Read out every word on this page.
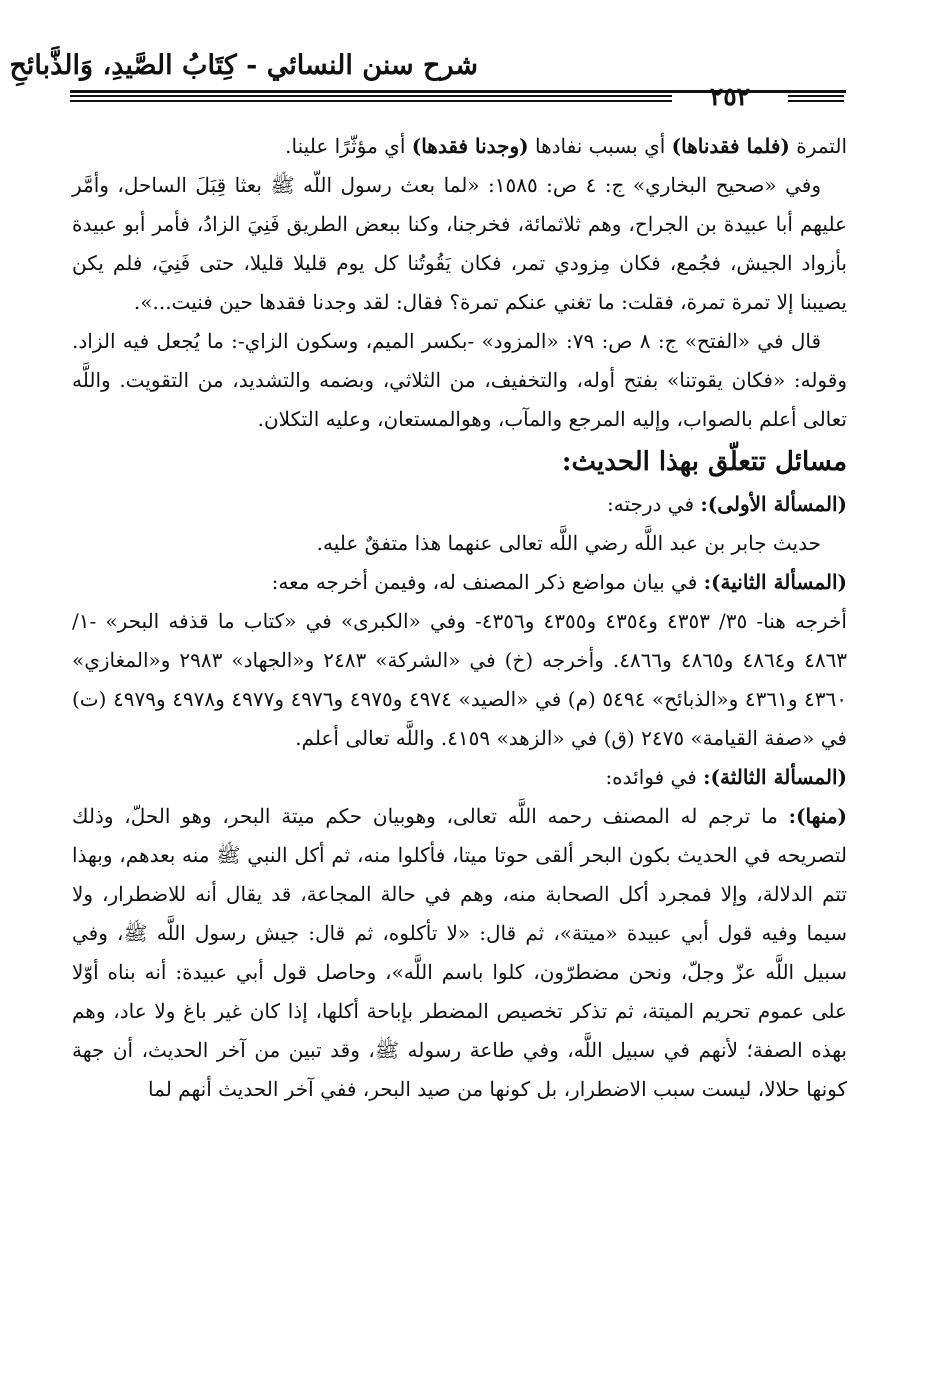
شرح سنن النسائي - كِتَابُ الصَّيدِ، وَالذَّبائحِ
٢٥٢

التمرة (فلما فقدناها) أي بسبب نفادها (وجدنا فقدها) أي مؤثّرًا علينا.

وفي «صحيح البخاري» ج: ٤ ص: ١٥٨٥: «لما بعث رسول اللّه ﷺ بعثا قِبَلَ الساحل، وأمَّر عليهم أبا عبيدة بن الجراح، وهم ثلاثمائة، فخرجنا، وكنا ببعض الطريق فَنِيَ الزادُ، فأمر أبو عبيدة بأزواد الجيش، فجُمع، فكان مِزودي تمر، فكان يَقُوتُنا كل يوم قليلا قليلا، حتى فَنِيَ، فلم يكن يصيبنا إلا تمرة تمرة، فقلت: ما تغني عنكم تمرة؟ فقال: لقد وجدنا فقدها حين فنيت...».

قال في «الفتح» ج: ٨ ص: ٧٩: «المزود» -بكسر الميم، وسكون الزاي-: ما يُجعل فيه الزاد. وقوله: «فكان يقوتنا» بفتح أوله، والتخفيف، من الثلاثي، وبضمه والتشديد، من التقويت. واللَّه تعالى أعلم بالصواب، وإليه المرجع والمآب، وهوالمستعان، وعليه التكلان.

مسائل تتعلّق بهذا الحديث:

(المسألة الأولى): في درجته:

حديث جابر بن عبد اللَّه رضي اللَّه تعالى عنهما هذا متفقٌ عليه.

(المسألة الثانية): في بيان مواضع ذكر المصنف له، وفيمن أخرجه معه:

أخرجه هنا- ٣٥/ ٤٣٥٣ و٤٣٥٤ و٤٣٥٥ و٤٣٥٦- وفي «الكبرى» في «كتاب ما قذفه البحر» -١/ ٤٨٦٣ و٤٨٦٤ و٤٨٦٥ و٤٨٦٦. وأخرجه (خ) في «الشركة» ٢٤٨٣ و«الجهاد» ٢٩٨٣ و«المغازي» ٤٣٦٠ و٤٣٦١ و«الذبائح» ٥٤٩٤ (م) في «الصيد» ٤٩٧٤ و٤٩٧٥ و٤٩٧٦ و٤٩٧٧ و٤٩٧٨ و٤٩٧٩ (ت) في «صفة القيامة» ٢٤٧٥ (ق) في «الزهد» ٤١٥٩. واللَّه تعالى أعلم.

(المسألة الثالثة): في فوائده:

(منها): ما ترجم له المصنف رحمه اللَّه تعالى، وهوبيان حكم ميتة البحر، وهو الحلّ، وذلك لتصريحه في الحديث بكون البحر ألقى حوتا ميتا، فأكلوا منه، ثم أكل النبي ﷺ منه بعدهم، وبهذا تتم الدلالة، وإلا فمجرد أكل الصحابة منه، وهم في حالة المجاعة، قد يقال أنه للاضطرار، ولا سيما وفيه قول أبي عبيدة «ميتة»، ثم قال: «لا تأكلوه، ثم قال: جيش رسول اللَّه ﷺ، وفي سبيل اللَّه عزّ وجلّ، ونحن مضطرّون، كلوا باسم اللَّه»، وحاصل قول أبي عبيدة: أنه بناه أوّلا على عموم تحريم الميتة، ثم تذكر تخصيص المضطر بإباحة أكلها، إذا كان غير باغ ولا عاد، وهم بهذه الصفة؛ لأنهم في سبيل اللَّه، وفي طاعة رسوله ﷺ، وقد تبين من آخر الحديث، أن جهة كونها حلالا، ليست سبب الاضطرار، بل كونها من صيد البحر، ففي آخر الحديث أنهم لما
